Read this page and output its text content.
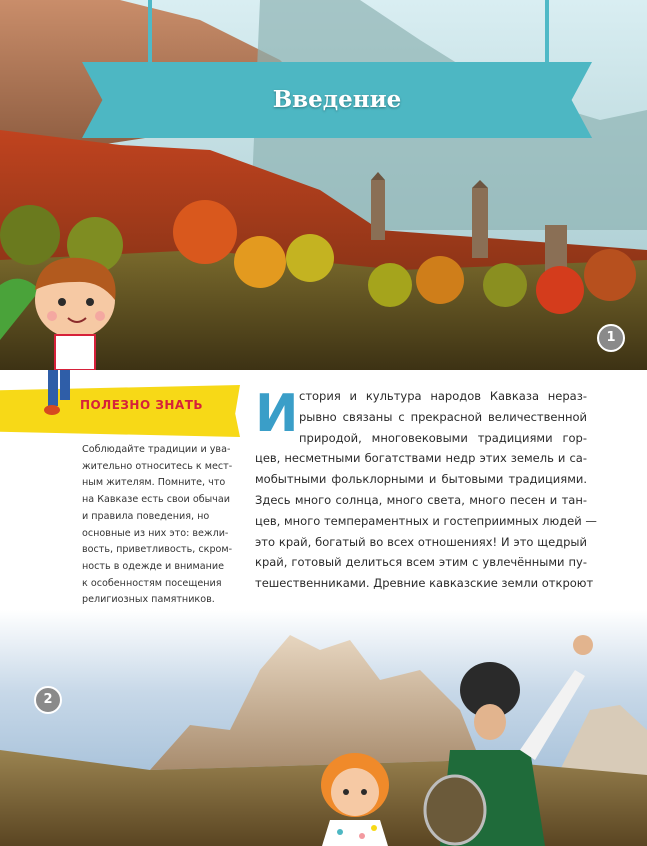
Введение
1
ПОЛЕЗНО ЗНАТЬ
Соблюдайте традиции и ува-
жительно относитесь к мест-
ным жителям. Помните, что
на Кавказе есть свои обычаи
и правила поведения, но
основные из них это: вежли-
вость, приветливость, скром-
ность в одежде и внимание
к особенностям посещения
религиозных памятников.
И стория и культура народов Кавказа нераз-
рывно связаны с прекрасной величественной
природой, многовековыми традициями гор-
цев, несметными богатствами недр этих земель и са-
мобытными фольклорными и бытовыми традициями.
Здесь много солнца, много света, много песен и тан-
цев, много темпераментных и гостеприимных людей —
это край, богатый во всех отношениях! И это щедрый
край, готовый делиться всем этим с увлечёнными пу-
тешественниками. Древние кавказские земли откроют
2
